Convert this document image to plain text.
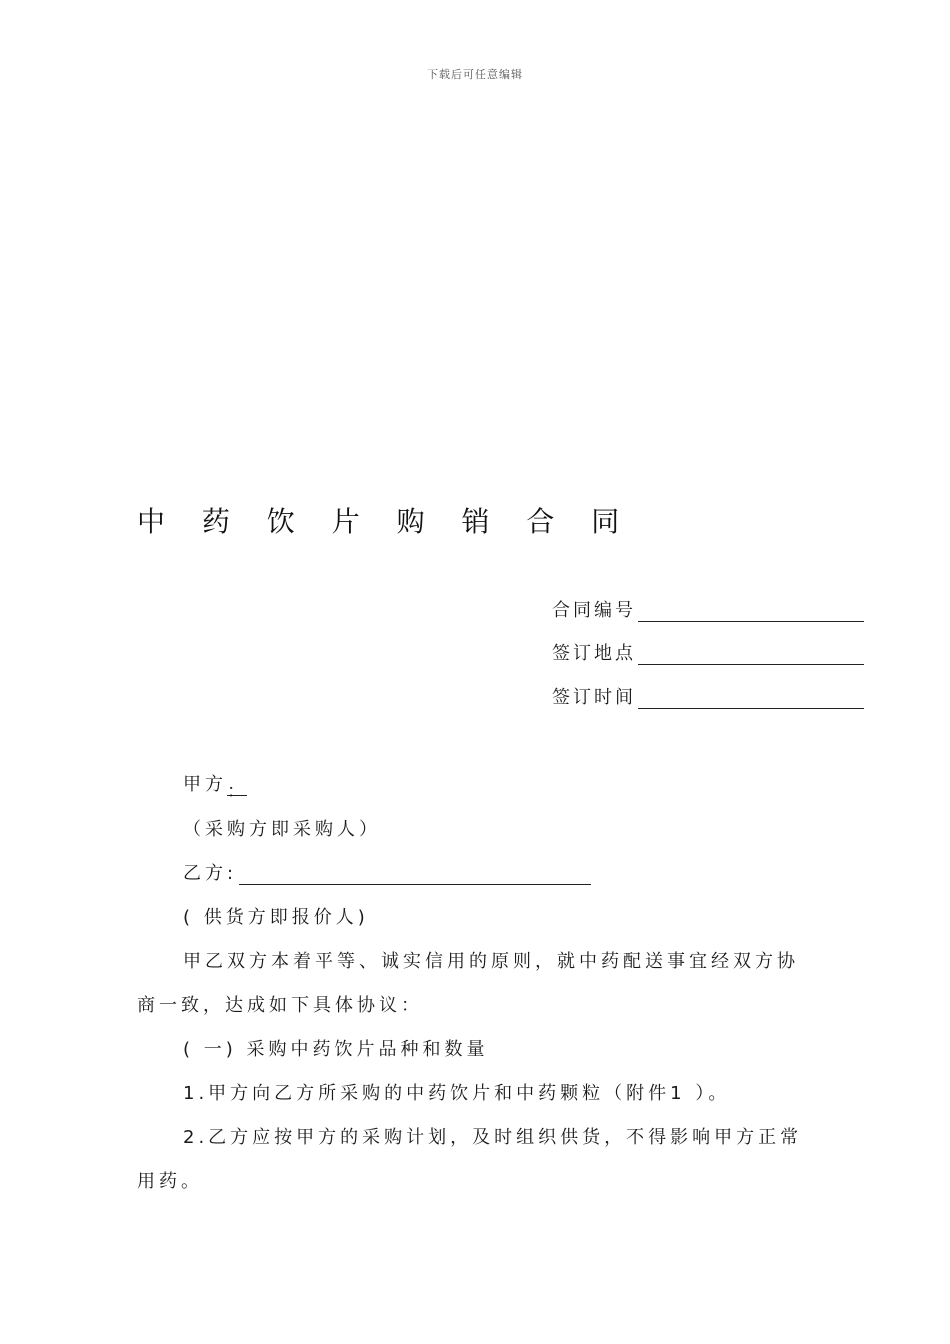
下载后可任意编辑
中 药 饮 片 购 销 合 同
合同编号
签订地点
签订时间
甲方：
（采购方即采购人）
乙方:
( 供货方即报价人)
甲乙双方本着平等、诚实信用的原则，就中药配送事宜经双方协
商一致，达成如下具体协议：
( 一) 采购中药饮片品种和数量
1.甲方向乙方所采购的中药饮片和中药颗粒（附件1 ）。
2.乙方应按甲方的采购计划，及时组织供货，不得影响甲方正常
用药。
